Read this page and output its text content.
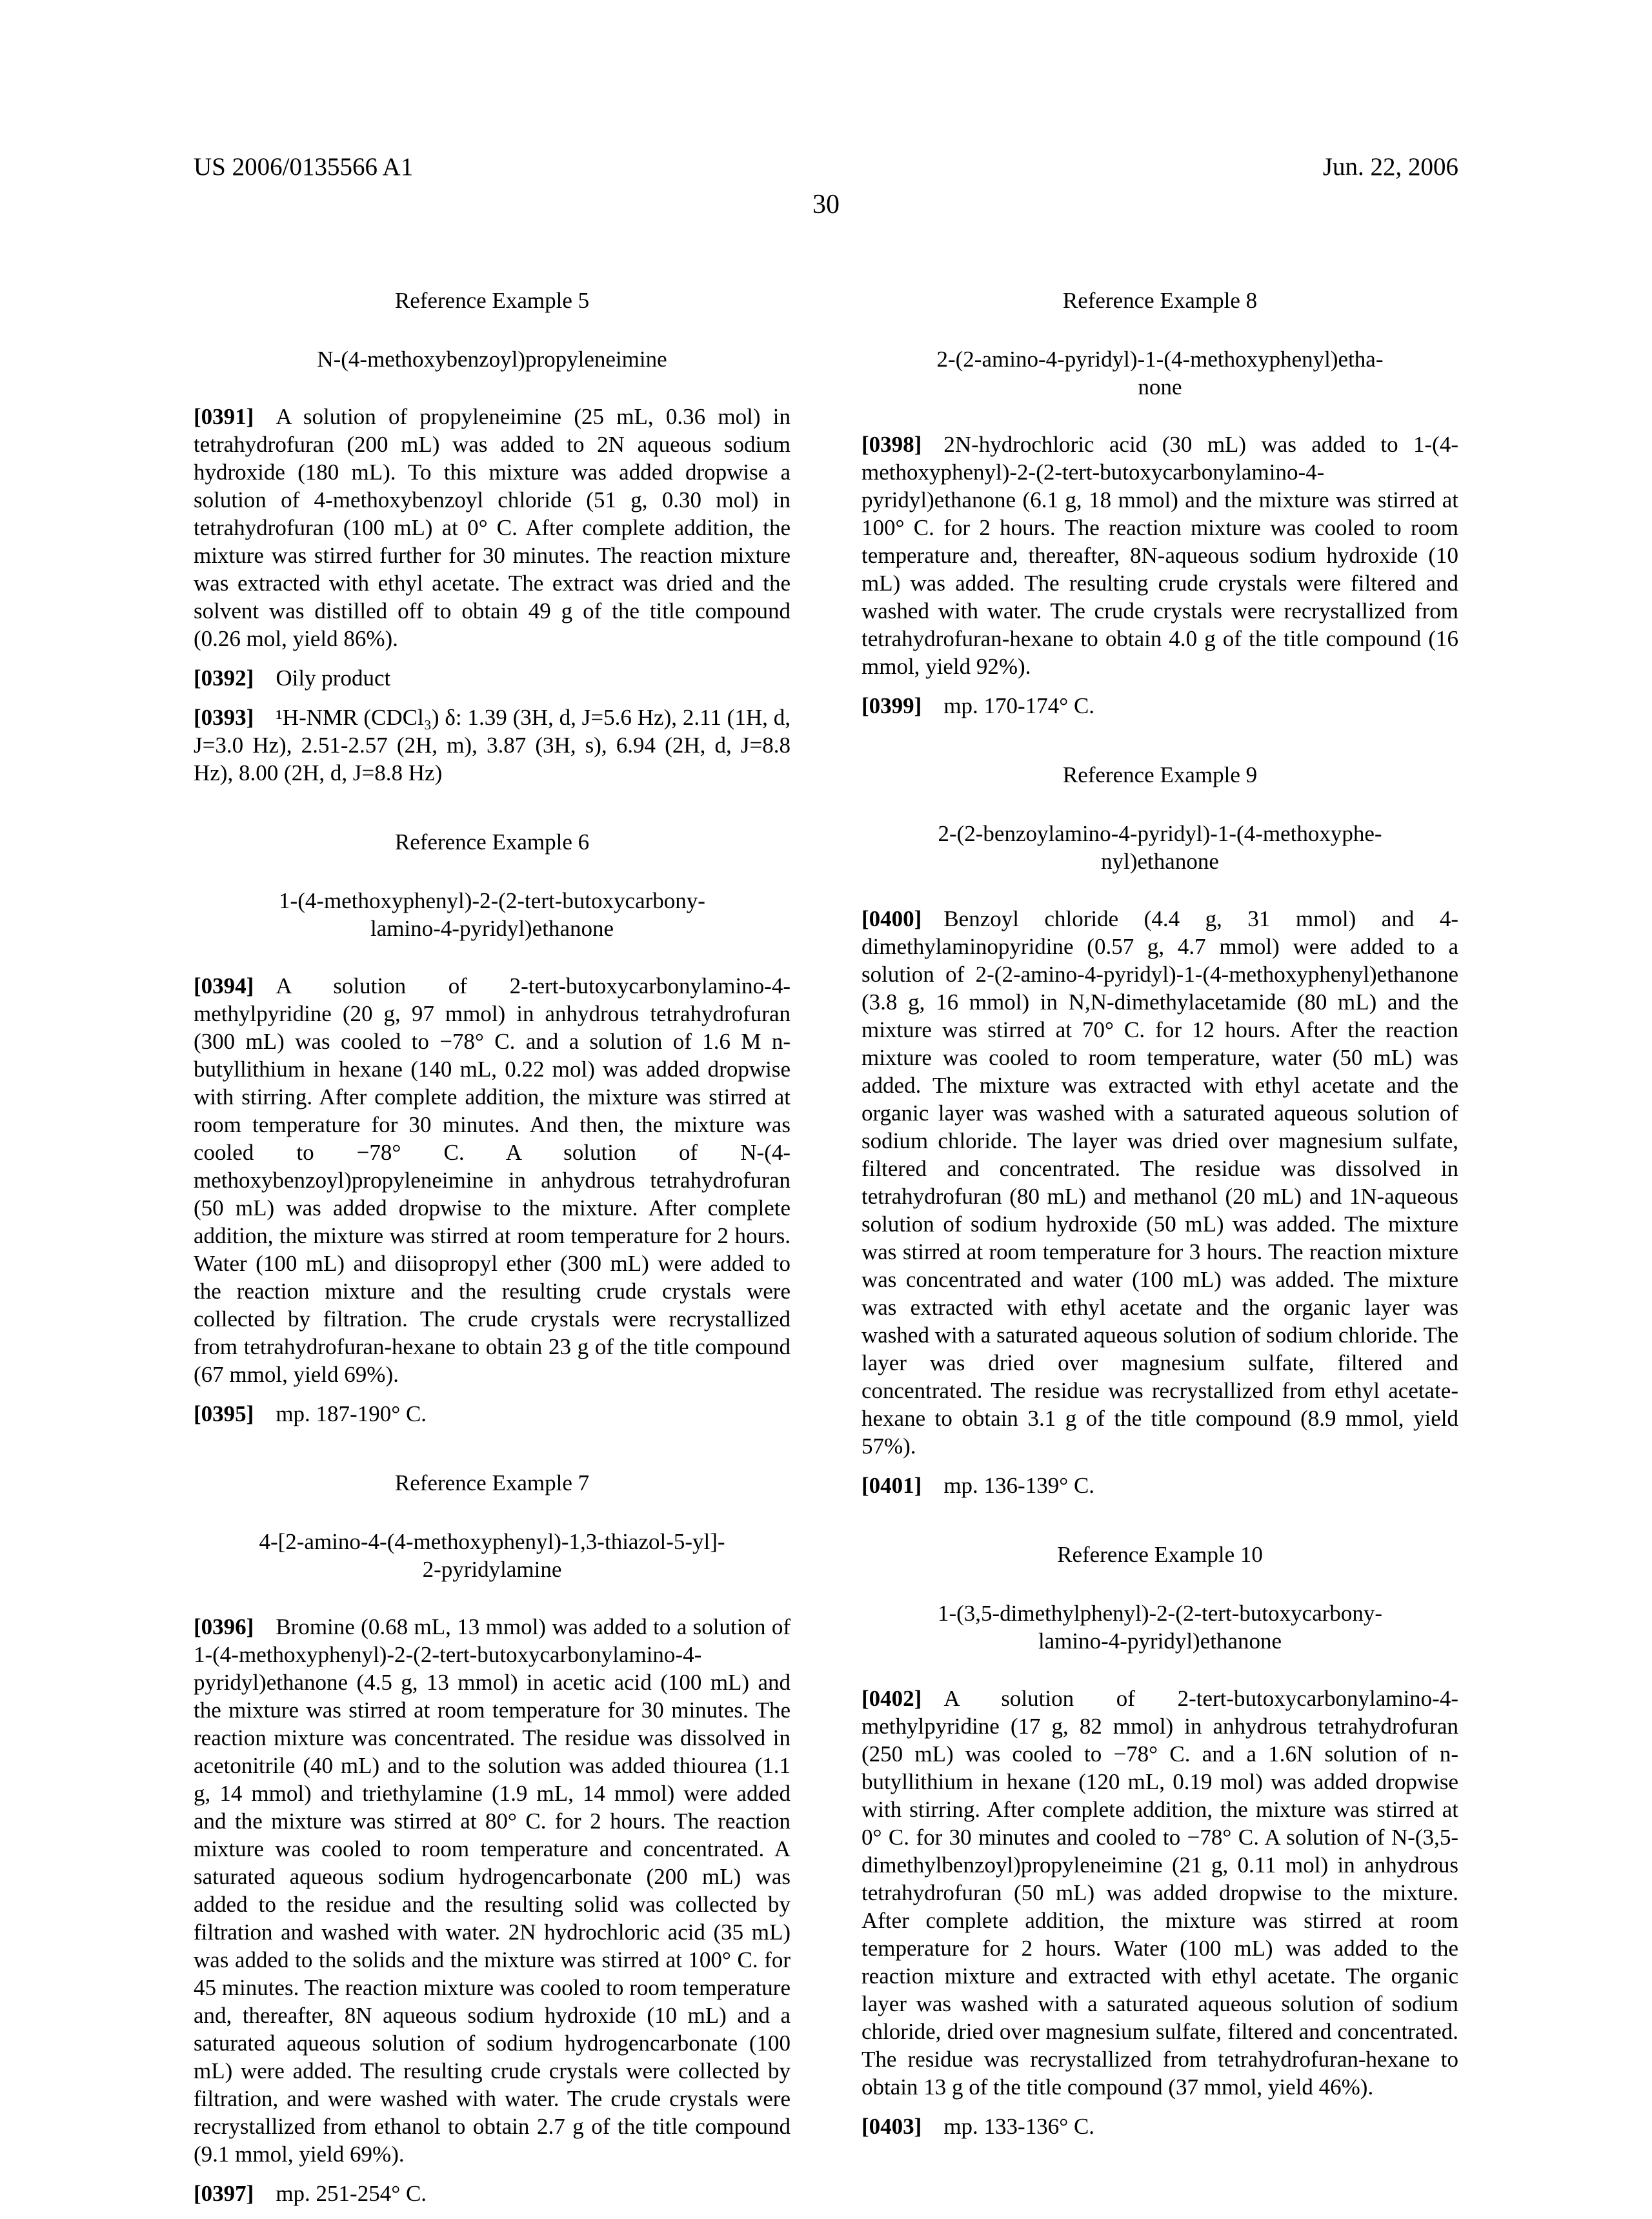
US 2006/0135566 A1	Jun. 22, 2006
30
Reference Example 5
N-(4-methoxybenzoyl)propyleneimine

[0391] A solution of propyleneimine (25 mL, 0.36 mol) in tetrahydrofuran (200 mL) was added to 2N aqueous sodium hydroxide (180 mL). To this mixture was added dropwise a solution of 4-methoxybenzoyl chloride (51 g, 0.30 mol) in tetrahydrofuran (100 mL) at 0° C. After complete addition, the mixture was stirred further for 30 minutes. The reaction mixture was extracted with ethyl acetate. The extract was dried and the solvent was distilled off to obtain 49 g of the title compound (0.26 mol, yield 86%).

[0392] Oily product

[0393] ¹H-NMR (CDCl₃) δ: 1.39 (3H, d, J=5.6 Hz), 2.11 (1H, d, J=3.0 Hz), 2.51-2.57 (2H, m), 3.87 (3H, s), 6.94 (2H, d, J=8.8 Hz), 8.00 (2H, d, J=8.8 Hz)

Reference Example 6
1-(4-methoxyphenyl)-2-(2-tert-butoxycarbony-
lamino-4-pyridyl)ethanone

[0394] A solution of 2-tert-butoxycarbonylamino-4-methylpyridine (20 g, 97 mmol) in anhydrous tetrahydrofuran (300 mL) was cooled to −78° C. and a solution of 1.6 M n-butyllithium in hexane (140 mL, 0.22 mol) was added dropwise with stirring. After complete addition, the mixture was stirred at room temperature for 30 minutes. And then, the mixture was cooled to −78° C. A solution of N-(4-methoxybenzoyl)propyleneimine in anhydrous tetrahydrofuran (50 mL) was added dropwise to the mixture. After complete addition, the mixture was stirred at room temperature for 2 hours. Water (100 mL) and diisopropyl ether (300 mL) were added to the reaction mixture and the resulting crude crystals were collected by filtration. The crude crystals were recrystallized from tetrahydrofuran-hexane to obtain 23 g of the title compound (67 mmol, yield 69%).

[0395] mp. 187-190° C.

Reference Example 7
4-[2-amino-4-(4-methoxyphenyl)-1,3-thiazol-5-yl]-
2-pyridylamine

[0396] Bromine (0.68 mL, 13 mmol) was added to a solution of 1-(4-methoxyphenyl)-2-(2-tert-butoxycarbonylamino-4-pyridyl)ethanone (4.5 g, 13 mmol) in acetic acid (100 mL) and the mixture was stirred at room temperature for 30 minutes. The reaction mixture was concentrated. The residue was dissolved in acetonitrile (40 mL) and to the solution was added thiourea (1.1 g, 14 mmol) and triethylamine (1.9 mL, 14 mmol) were added and the mixture was stirred at 80° C. for 2 hours. The reaction mixture was cooled to room temperature and concentrated. A saturated aqueous sodium hydrogencarbonate (200 mL) was added to the residue and the resulting solid was collected by filtration and washed with water. 2N hydrochloric acid (35 mL) was added to the solids and the mixture was stirred at 100° C. for 45 minutes. The reaction mixture was cooled to room temperature and, thereafter, 8N aqueous sodium hydroxide (10 mL) and a saturated aqueous solution of sodium hydrogencarbonate (100 mL) were added. The resulting crude crystals were collected by filtration, and were washed with water. The crude crystals were recrystallized from ethanol to obtain 2.7 g of the title compound (9.1 mmol, yield 69%).

[0397] mp. 251-254° C.

Reference Example 8
2-(2-amino-4-pyridyl)-1-(4-methoxyphenyl)etha-
none

[0398] 2N-hydrochloric acid (30 mL) was added to 1-(4-methoxyphenyl)-2-(2-tert-butoxycarbonylamino-4-pyridyl)ethanone (6.1 g, 18 mmol) and the mixture was stirred at 100° C. for 2 hours. The reaction mixture was cooled to room temperature and, thereafter, 8N-aqueous sodium hydroxide (10 mL) was added. The resulting crude crystals were filtered and washed with water. The crude crystals were recrystallized from tetrahydrofuran-hexane to obtain 4.0 g of the title compound (16 mmol, yield 92%).

[0399] mp. 170-174° C.

Reference Example 9
2-(2-benzoylamino-4-pyridyl)-1-(4-methoxyphe-
nyl)ethanone

[0400] Benzoyl chloride (4.4 g, 31 mmol) and 4-dimethylaminopyridine (0.57 g, 4.7 mmol) were added to a solution of 2-(2-amino-4-pyridyl)-1-(4-methoxyphenyl)ethanone (3.8 g, 16 mmol) in N,N-dimethylacetamide (80 mL) and the mixture was stirred at 70° C. for 12 hours. After the reaction mixture was cooled to room temperature, water (50 mL) was added. The mixture was extracted with ethyl acetate and the organic layer was washed with a saturated aqueous solution of sodium chloride. The layer was dried over magnesium sulfate, filtered and concentrated. The residue was dissolved in tetrahydrofuran (80 mL) and methanol (20 mL) and 1N-aqueous solution of sodium hydroxide (50 mL) was added. The mixture was stirred at room temperature for 3 hours. The reaction mixture was concentrated and water (100 mL) was added. The mixture was extracted with ethyl acetate and the organic layer was washed with a saturated aqueous solution of sodium chloride. The layer was dried over magnesium sulfate, filtered and concentrated. The residue was recrystallized from ethyl acetate-hexane to obtain 3.1 g of the title compound (8.9 mmol, yield 57%).

[0401] mp. 136-139° C.

Reference Example 10
1-(3,5-dimethylphenyl)-2-(2-tert-butoxycarbony-
lamino-4-pyridyl)ethanone

[0402] A solution of 2-tert-butoxycarbonylamino-4-methylpyridine (17 g, 82 mmol) in anhydrous tetrahydrofuran (250 mL) was cooled to −78° C. and a 1.6N solution of n-butyllithium in hexane (120 mL, 0.19 mol) was added dropwise with stirring. After complete addition, the mixture was stirred at 0° C. for 30 minutes and cooled to −78° C. A solution of N-(3,5-dimethylbenzoyl)propyleneimine (21 g, 0.11 mol) in anhydrous tetrahydrofuran (50 mL) was added dropwise to the mixture. After complete addition, the mixture was stirred at room temperature for 2 hours. Water (100 mL) was added to the reaction mixture and extracted with ethyl acetate. The organic layer was washed with a saturated aqueous solution of sodium chloride, dried over magnesium sulfate, filtered and concentrated. The residue was recrystallized from tetrahydrofuran-hexane to obtain 13 g of the title compound (37 mmol, yield 46%).

[0403] mp. 133-136° C.
